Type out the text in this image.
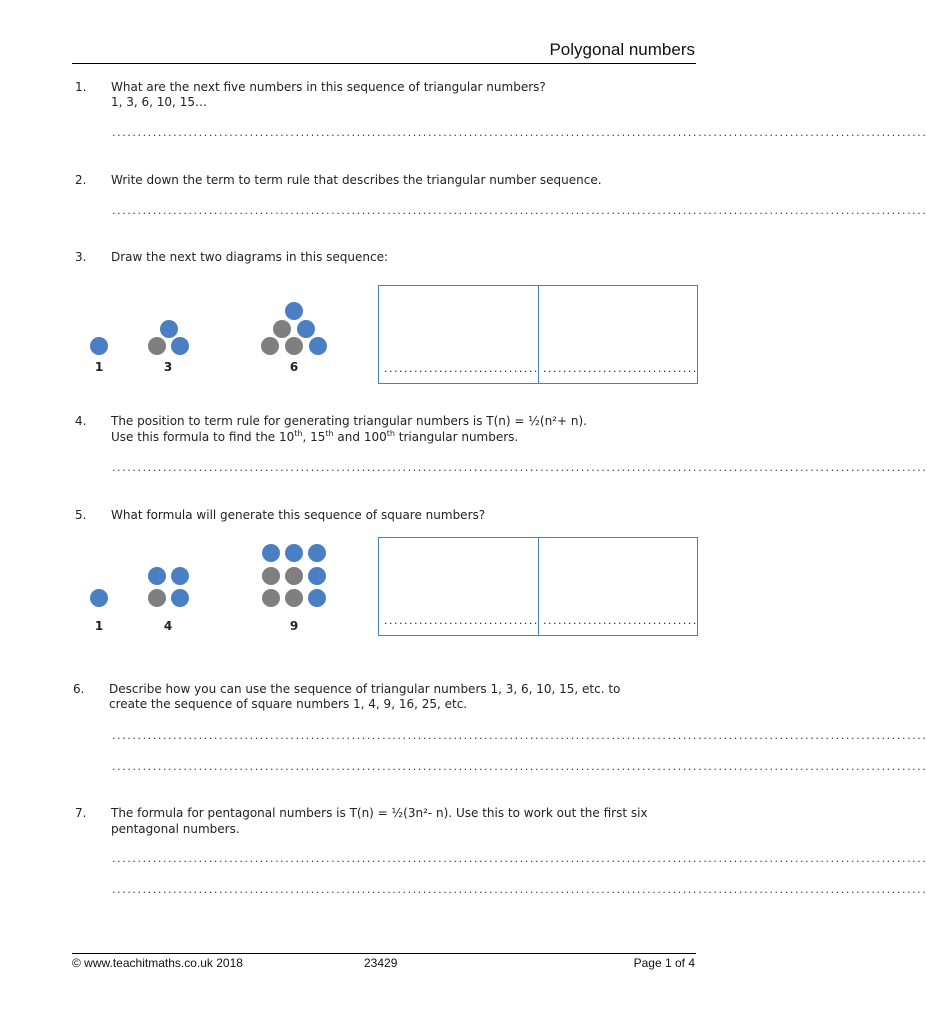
Polygonal numbers
1. What are the next five numbers in this sequence of triangular numbers?
1, 3, 6, 10, 15…
................................................................................................................................................................
2. Write down the term to term rule that describes the triangular number sequence.
................................................................................................................................................................
3. Draw the next two diagrams in this sequence:
1	3	6	............................... ...............................
4. The position to term rule for generating triangular numbers is T(n) = ½(n²+ n).
Use this formula to find the 10th, 15th and 100th triangular numbers.
................................................................................................................................................................
5. What formula will generate this sequence of square numbers?
1	4	9	............................... ...............................
6. Describe how you can use the sequence of triangular numbers 1, 3, 6, 10, 15, etc. to
create the sequence of square numbers 1, 4, 9, 16, 25, etc.
................................................................................................................................................................
................................................................................................................................................................
7. The formula for pentagonal numbers is T(n) = ½(3n²- n). Use this to work out the first six
pentagonal numbers.
................................................................................................................................................................
................................................................................................................................................................
© www.teachitmaths.co.uk 2018	23429	Page 1 of 4
